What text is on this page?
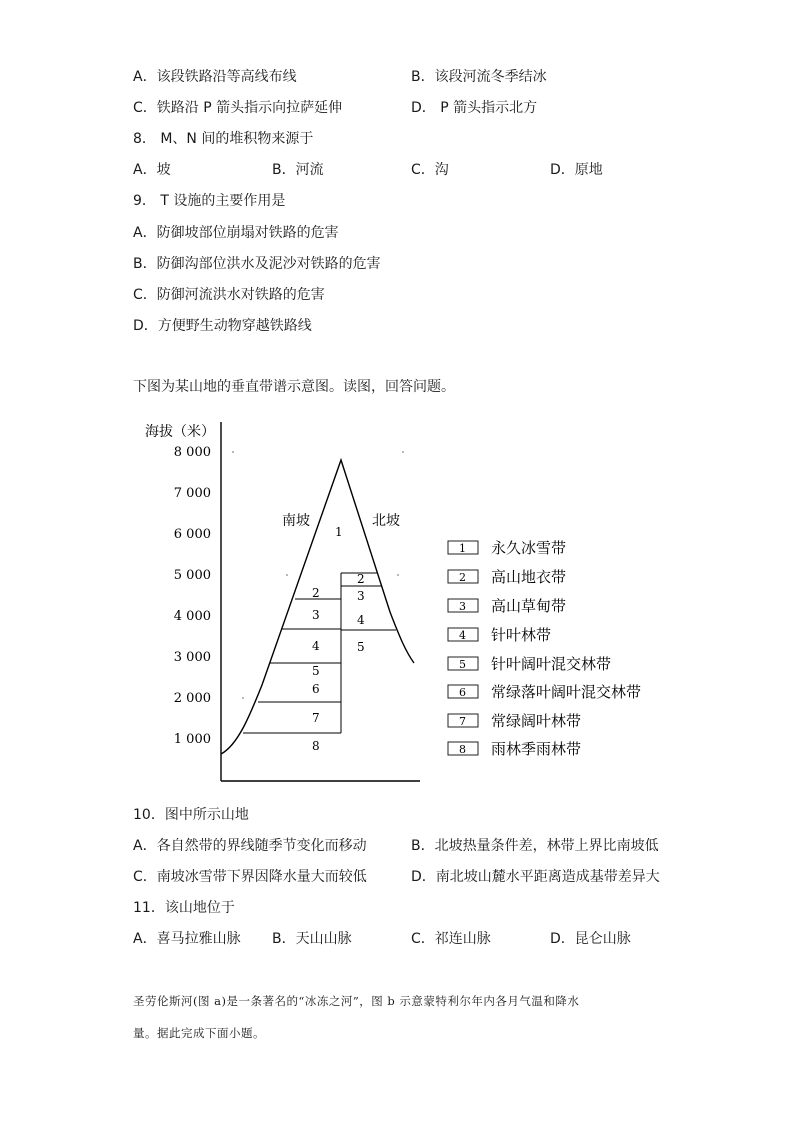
A．该段铁路沿等高线布线	B．该段河流冬季结冰
C．铁路沿 P 箭头指示向拉萨延伸	D． P 箭头指示北方
8． M、N 间的堆积物来源于
A．坡	B．河流	C．沟	D．原地
9． T 设施的主要作用是
A．防御坡部位崩塌对铁路的危害
B．防御沟部位洪水及泥沙对铁路的危害
C．防御河流洪水对铁路的危害
D．方便野生动物穿越铁路线
下图为某山地的垂直带谱示意图。读图，回答问题。
海拔（米）
8 000
7 000
6 000
5 000
4 000
3 000
2 000
1 000
南坡	北坡
1
2
3
4
5
6
7
8
2
3
4
5
1 永久冰雪带
2 高山地衣带
3 高山草甸带
4 针叶林带
5 针叶阔叶混交林带
6 常绿落叶阔叶混交林带
7 常绿阔叶林带
8 雨林季雨林带
10．图中所示山地
A．各自然带的界线随季节变化而移动	B．北坡热量条件差，林带上界比南坡低
C．南坡冰雪带下界因降水量大而较低	D．南北坡山麓水平距离造成基带差异大
11．该山地位于
A．喜马拉雅山脉 B．天山山脉	C．祁连山脉	D．昆仑山脉
圣劳伦斯河(图 a)是一条著名的“冰冻之河”，图 b 示意蒙特利尔年内各月气温和降水
量。据此完成下面小题。
